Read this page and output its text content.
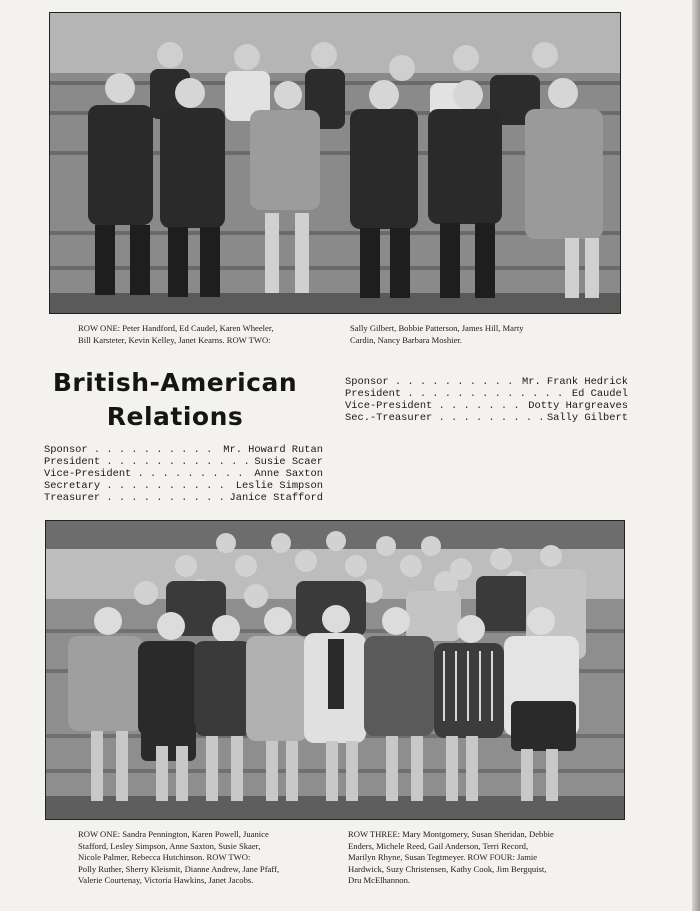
ROW ONE: Peter Handford, Ed Caudel, Karen Wheeler,
Bill Karsteter, Kevin Kelley, Janet Kearns. ROW TWO:
Sally Gilbert, Bobbie Patterson, James Hill, Marty
Cardin, Nancy Barbara Moshier.
British-American
Relations
Sponsor . . .	Mr. Frank Hedrick
President . . .	Ed Caudel
Vice-President . . .	Dotty Hargreaves
Sec.-Treasurer . . .	Sally Gilbert
Sponsor . . .	Mr. Howard Rutan
President . . .	Susie Scaer
Vice-President . . .	Anne Saxton
Secretary . . .	Leslie Simpson
Treasurer . . .	Janice Stafford
ROW ONE: Sandra Pennington, Karen Powell, Juanice
Stafford, Lesley Simpson, Anne Saxton, Susie Skaer,
Nicole Palmer, Rebecca Hutchinson. ROW TWO:
Polly Ruther, Sherry Kleismit, Dianne Andrew, Jane Pfaff,
Valerie Courtenay, Victoria Hawkins, Janet Jacobs.
ROW THREE: Mary Montgomery, Susan Sheridan, Debbie
Enders, Michele Reed, Gail Anderson, Terri Record,
Marilyn Rhyne, Susan Tegtmeyer. ROW FOUR: Jamie
Hardwick, Suzy Christensen, Kathy Cook, Jim Bergquist,
Dru McElhannon.
